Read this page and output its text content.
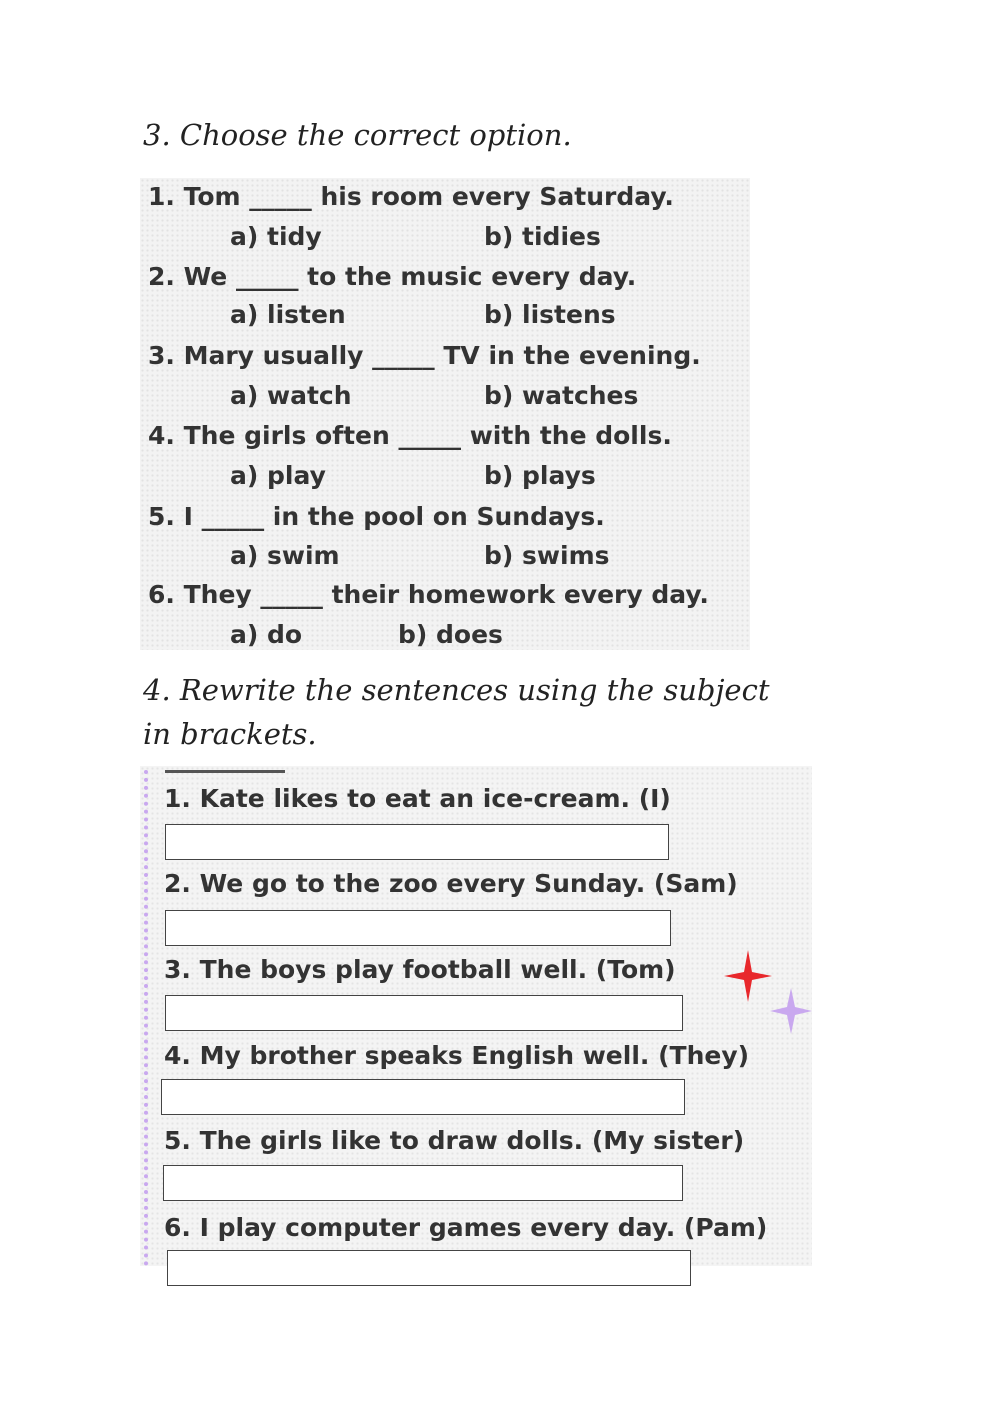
3. Choose the correct option.
1. Tom _____ his room every Saturday.
a) tidy	b) tidies
2. We _____ to the music every day.
a) listen	b) listens
3. Mary usually _____ TV in the evening.
a) watch	b) watches
4. The girls often _____ with the dolls.
a) play	b) plays
5. I _____ in the pool on Sundays.
a) swim	b) swims
6. They _____ their homework every day.
a) do	b) does
4. Rewrite the sentences using the subject in brackets.
1. Kate likes to eat an ice-cream. (I)
2. We go to the zoo every Sunday. (Sam)
3. The boys play football well. (Tom)
4. My brother speaks English well. (They)
5. The girls like to draw dolls. (My sister)
6. I play computer games every day. (Pam)
